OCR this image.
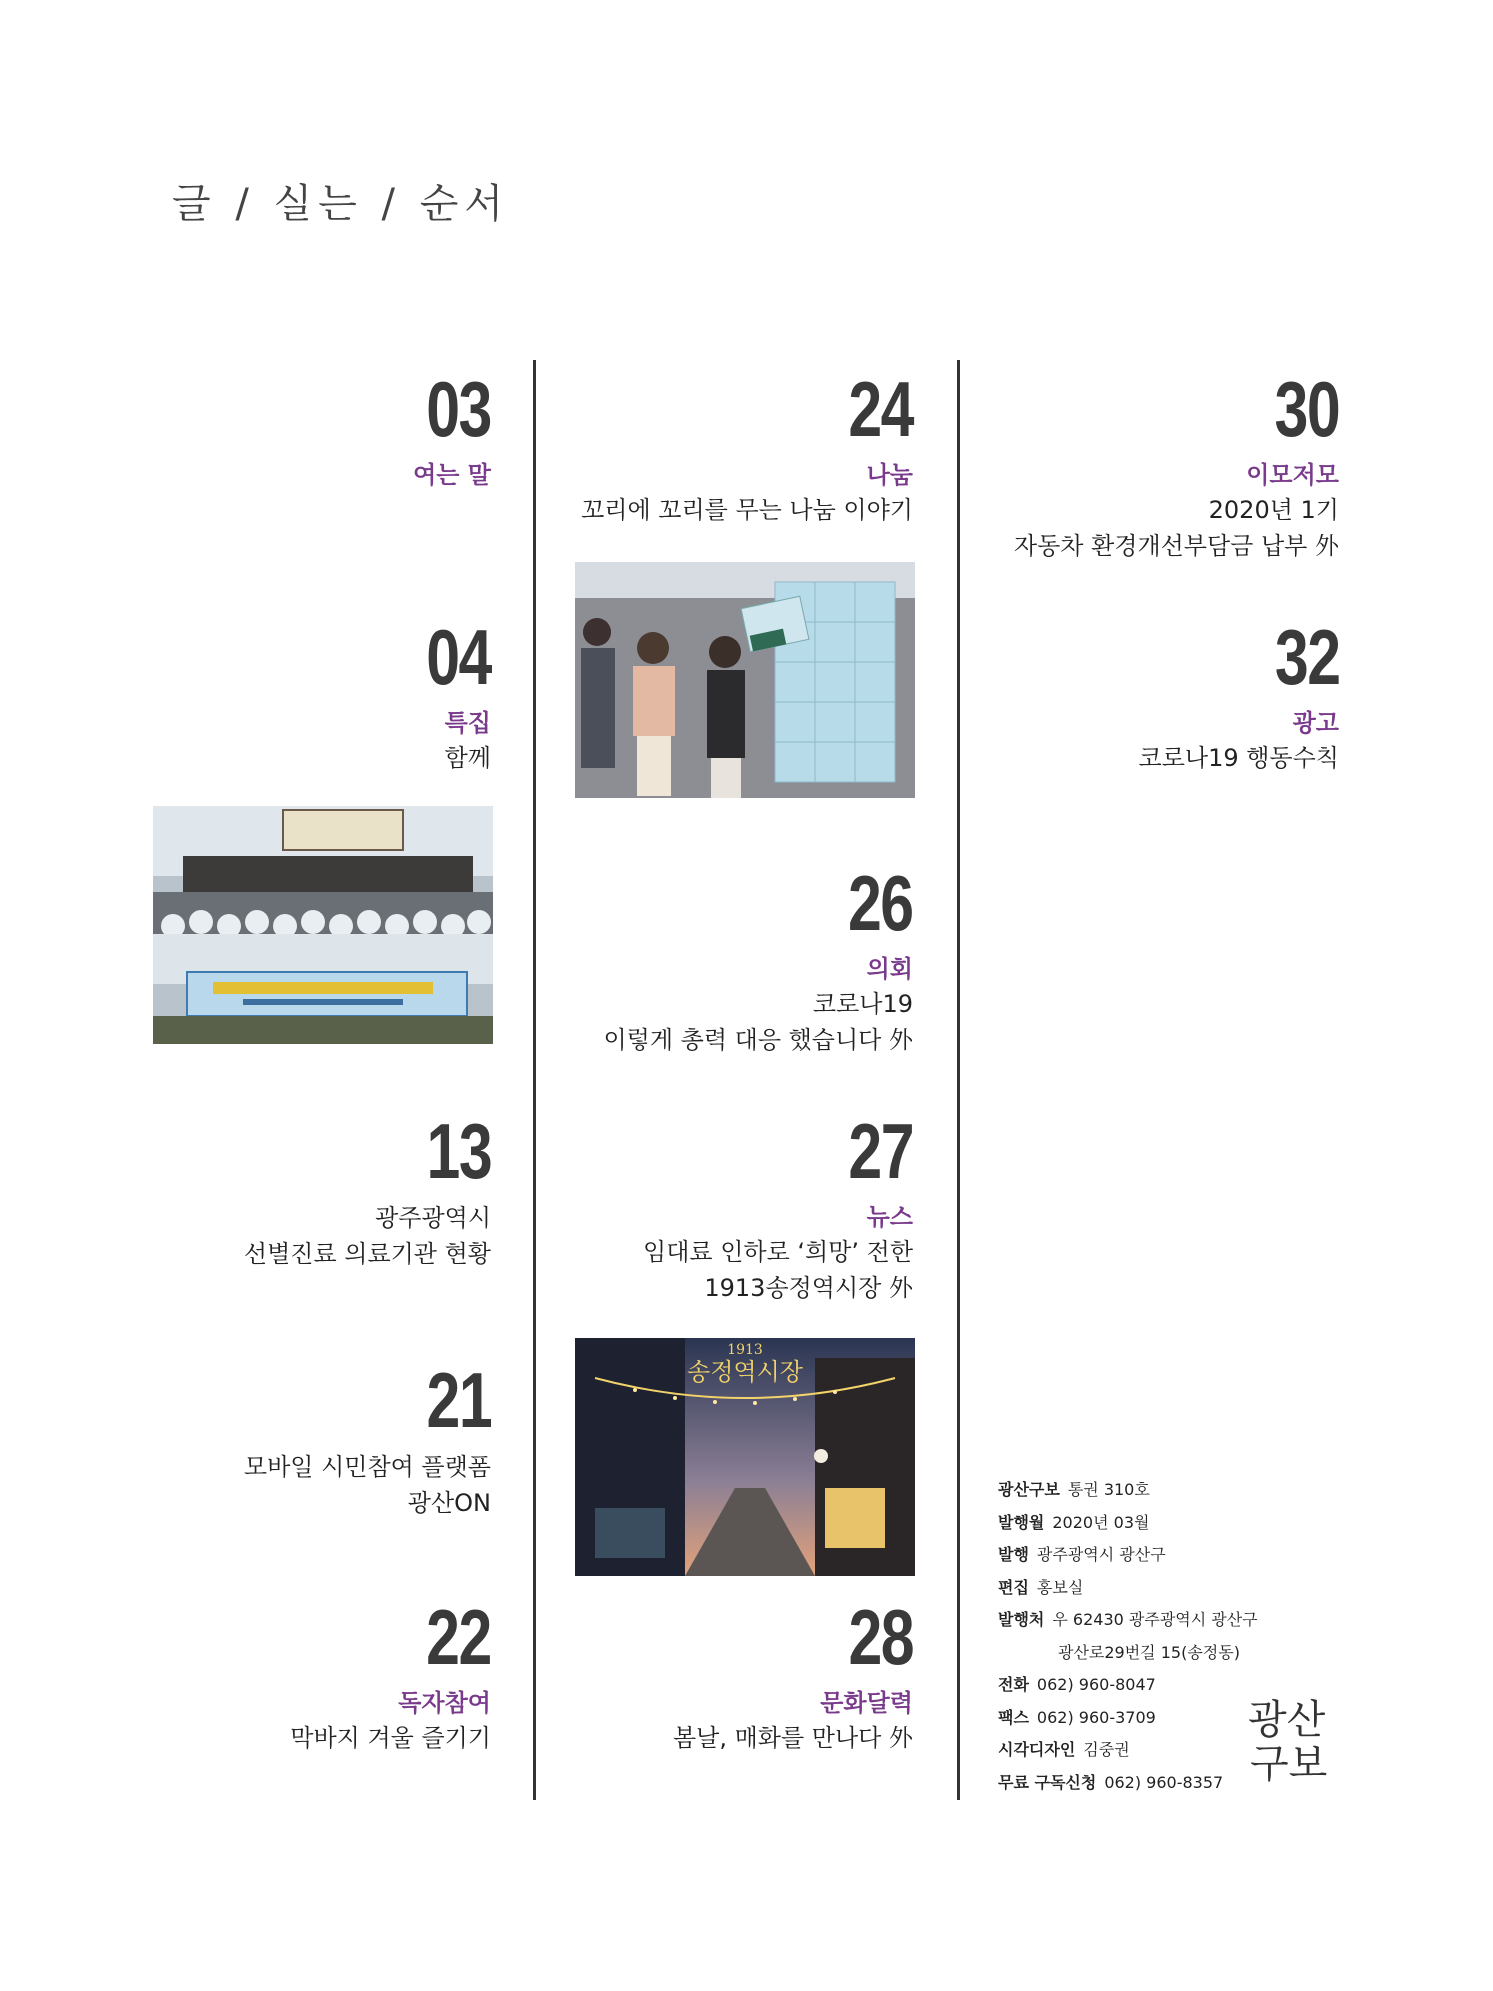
글 / 실는 / 순서
03
여는 말
04
특집
함께
13
광주광역시
선별진료 의료기관 현황
21
모바일 시민참여 플랫폼
광산ON
22
독자참여
막바지 겨울 즐기기
24
나눔
꼬리에 꼬리를 무는 나눔 이야기
26
의회
코로나19
이렇게 총력 대응 했습니다 外
27
뉴스
임대료 인하로 ‘희망’ 전한
1913송정역시장 外
1913
송정역시장
28
문화달력
봄날, 매화를 만나다 外
30
이모저모
2020년 1기
자동차 환경개선부담금 납부 外
32
광고
코로나19 행동수칙
광산구보 통권 310호
발행월 2020년 03월
발행 광주광역시 광산구
편집 홍보실
발행처 우 62430 광주광역시 광산구
광산로29번길 15(송정동)
전화 062) 960-8047
팩스 062) 960-3709
시각디자인 김중권
무료 구독신청 062) 960-8357
광산
구보
